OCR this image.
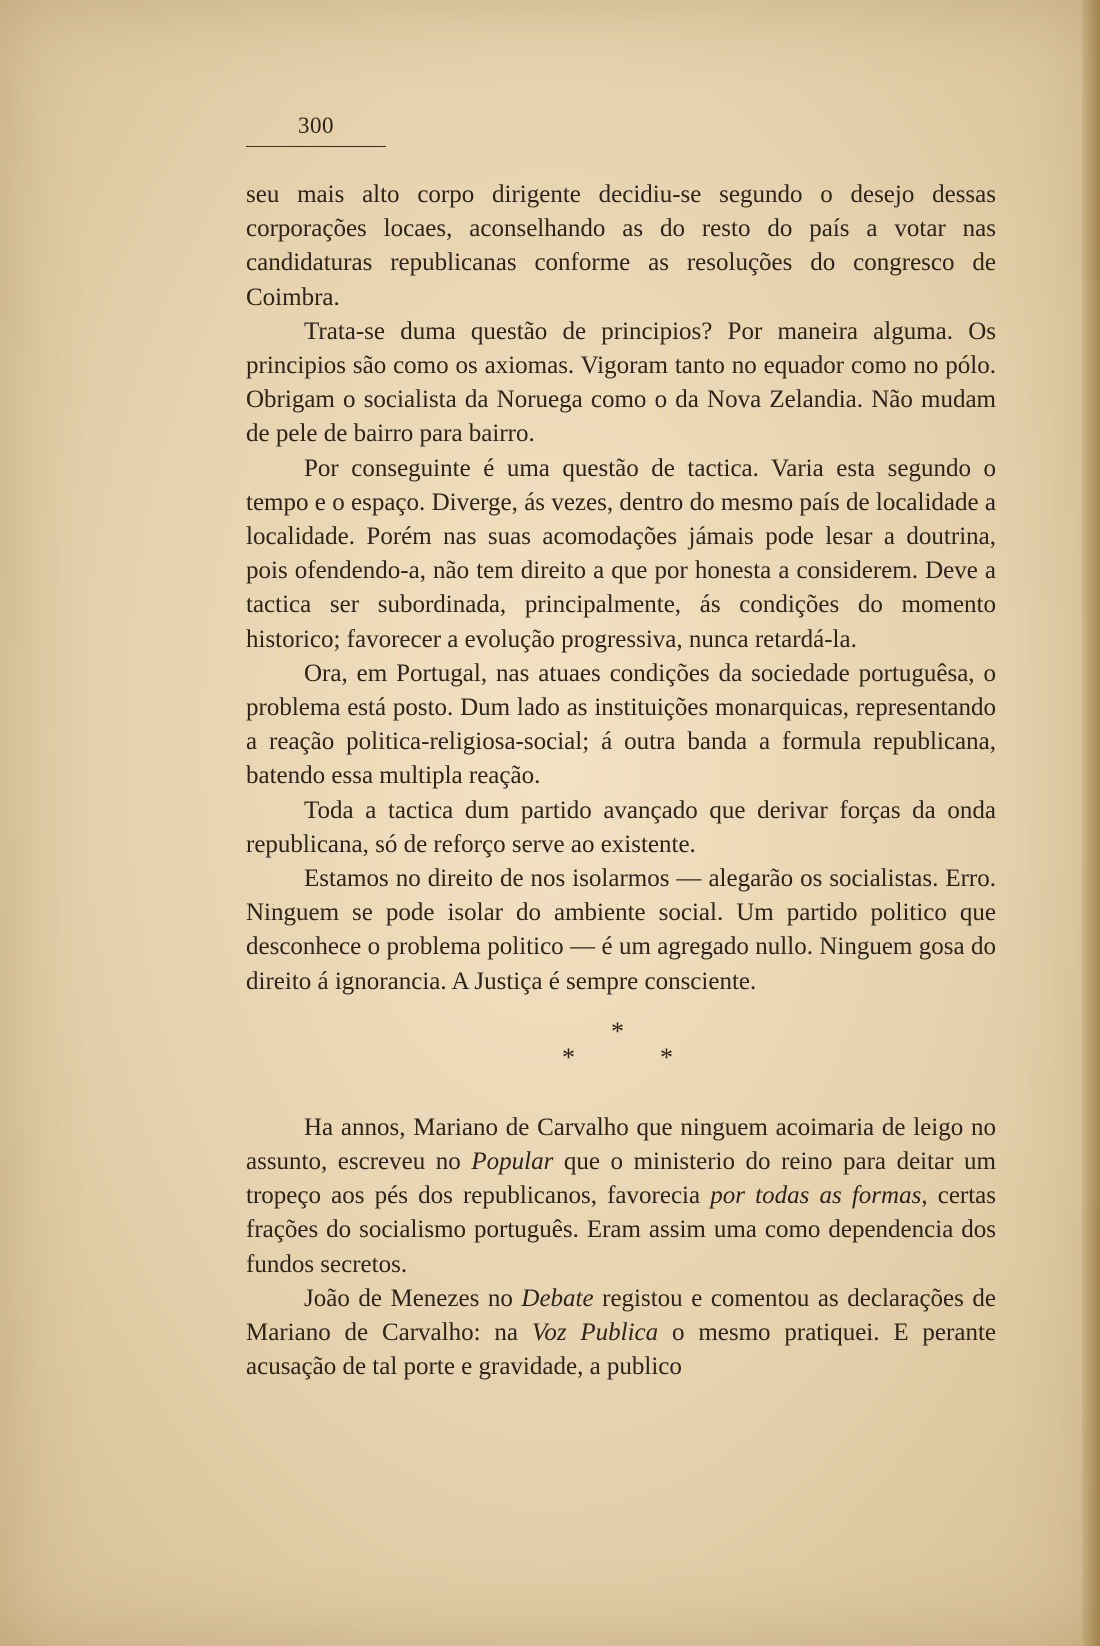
300

seu mais alto corpo dirigente decidiu-se segundo o desejo dessas corporações locaes, aconselhando as do resto do país a votar nas candidaturas republicanas conforme as resoluções do congresco de Coimbra.

Trata-se duma questão de principios? Por maneira alguma. Os principios são como os axiomas. Vigoram tanto no equador como no pólo. Obrigam o socialista da Noruega como o da Nova Zelandia. Não mudam de pele de bairro para bairro.

Por conseguinte é uma questão de tactica. Varia esta segundo o tempo e o espaço. Diverge, ás vezes, dentro do mesmo país de localidade a localidade. Porém nas suas acomodações jámais pode lesar a doutrina, pois ofendendo-a, não tem direito a que por honesta a considerem. Deve a tactica ser subordinada, principalmente, ás condições do momento historico; favorecer a evolução progressiva, nunca retardá-la.

Ora, em Portugal, nas atuaes condições da sociedade portuguêsa, o problema está posto. Dum lado as instituições monarquicas, representando a reação politica-religiosa-social; á outra banda a formula republicana, batendo essa multipla reação.

Toda a tactica dum partido avançado que derivar forças da onda republicana, só de reforço serve ao existente.

Estamos no direito de nos isolarmos — alegarão os socialistas. Erro. Ninguem se pode isolar do ambiente social. Um partido politico que desconhece o problema politico — é um agregado nullo. Ninguem gosa do direito á ignorancia. A Justiça é sempre consciente.

*
*	*

Ha annos, Mariano de Carvalho que ninguem acoimaria de leigo no assunto, escreveu no Popular que o ministerio do reino para deitar um tropeço aos pés dos republicanos, favorecia por todas as formas, certas frações do socialismo português. Eram assim uma como dependencia dos fundos secretos.

João de Menezes no Debate registou e comentou as declarações de Mariano de Carvalho: na Voz Publica o mesmo pratiquei. E perante acusação de tal porte e gravidade, a publico
